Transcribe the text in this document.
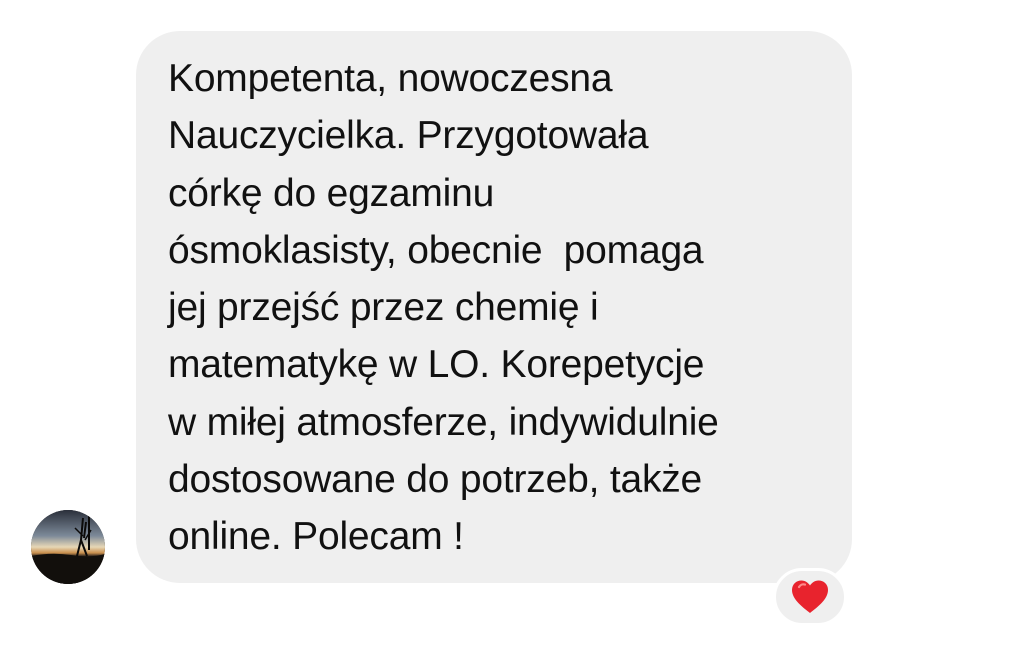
Kompetenta, nowoczesna
Nauczycielka. Przygotowała
córkę do egzaminu
ósmoklasisty, obecnie  pomaga
jej przejść przez chemię i
matematykę w LO. Korepetycje
w miłej atmosferze, indywidulnie
dostosowane do potrzeb, także
online. Polecam !
